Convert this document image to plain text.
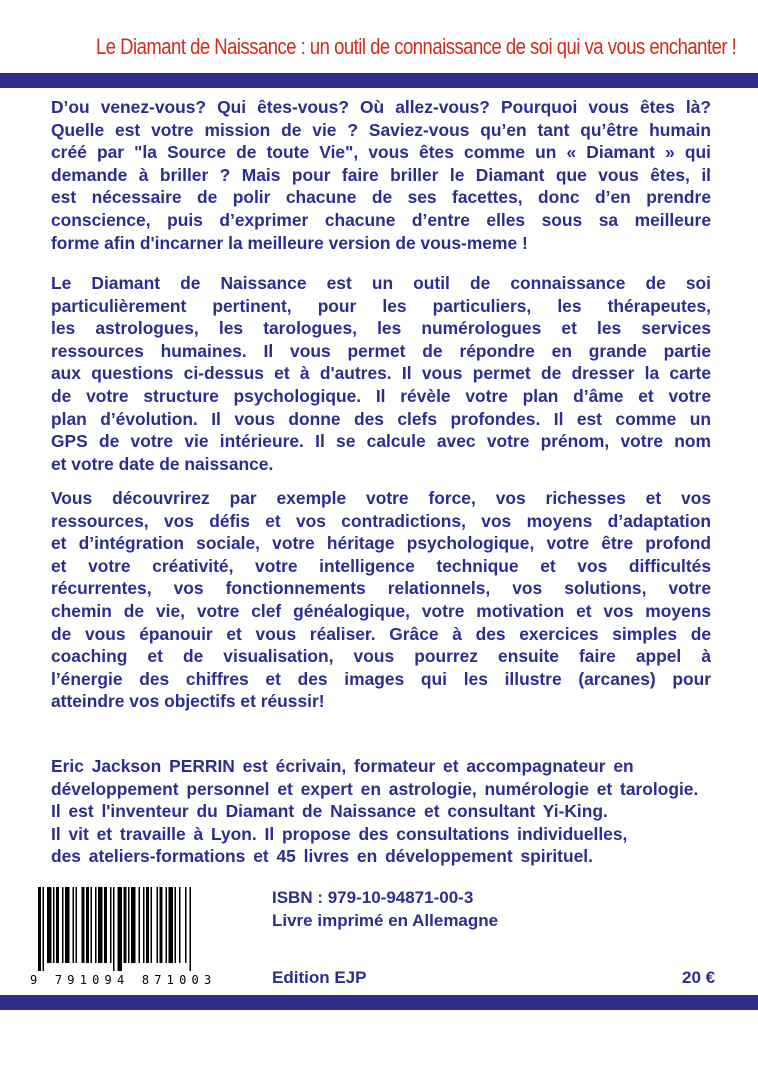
Le Diamant de Naissance : un outil de connaissance de soi qui va vous enchanter !
D’ou venez-vous? Qui êtes-vous? Où allez-vous? Pourquoi vous êtes là?
Quelle est votre mission de vie ? Saviez-vous qu’en tant qu’être humain
créé par "la Source de toute Vie", vous êtes comme un « Diamant » qui
demande à briller ? Mais pour faire briller le Diamant que vous êtes, il
est nécessaire de polir chacune de ses facettes, donc d’en prendre
conscience, puis d’exprimer chacune d’entre elles sous sa meilleure
forme afin d'incarner la meilleure version de vous-meme !
Le Diamant de Naissance est un outil de connaissance de soi
particulièrement pertinent, pour les particuliers, les thérapeutes,
les astrologues, les tarologues, les numérologues et les services
ressources humaines. Il vous permet de répondre en grande partie
aux questions ci-dessus et à d'autres. Il vous permet de dresser la carte
de votre structure psychologique. Il révèle votre plan d’âme et votre
plan d’évolution. Il vous donne des clefs profondes. Il est comme un
GPS de votre vie intérieure. Il se calcule avec votre prénom, votre nom
et votre date de naissance.
Vous découvrirez par exemple votre force, vos richesses et vos
ressources, vos défis et vos contradictions, vos moyens d’adaptation
et d’intégration sociale, votre héritage psychologique, votre être profond
et votre créativité, votre intelligence technique et vos difficultés
récurrentes, vos fonctionnements relationnels, vos solutions, votre
chemin de vie, votre clef généalogique, votre motivation et vos moyens
de vous épanouir et vous réaliser. Grâce à des exercices simples de
coaching et de visualisation, vous pourrez ensuite faire appel à
l’énergie des chiffres et des images qui les illustre (arcanes) pour
atteindre vos objectifs et réussir!
Eric Jackson PERRIN est écrivain, formateur et accompagnateur en
développement personnel et expert en astrologie, numérologie et tarologie.
Il est l'inventeur du Diamant de Naissance et consultant Yi-King.
Il vit et travaille à Lyon. Il propose des consultations individuelles,
des ateliers-formations et 45 livres en développement spirituel.
9 791094 871003
ISBN : 979-10-94871-00-3
Livre imprimé en Allemagne
Edition EJP	20 €
